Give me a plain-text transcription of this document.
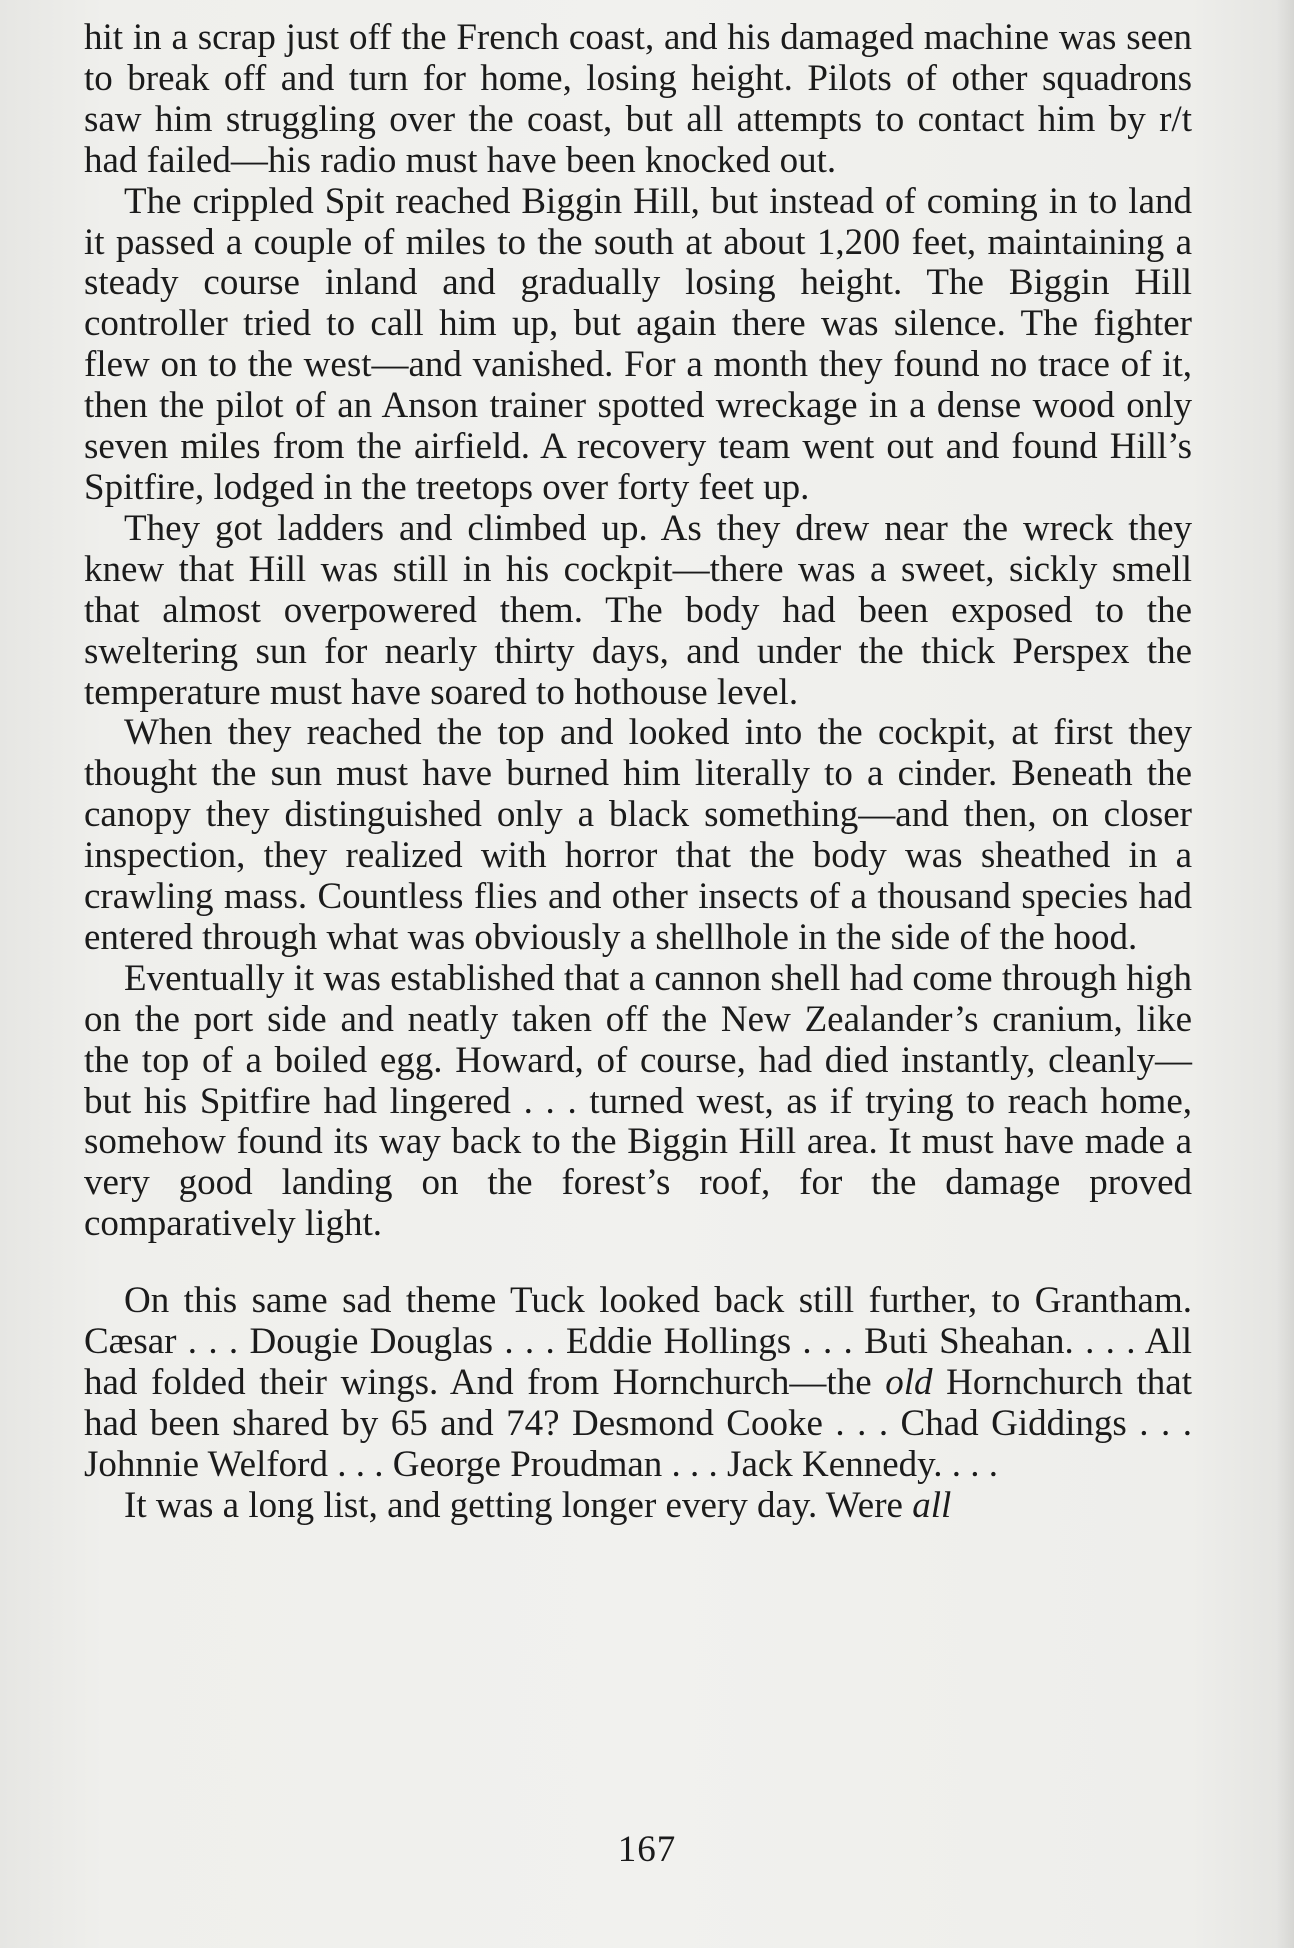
hit in a scrap just off the French coast, and his damaged machine was seen to break off and turn for home, losing height. Pilots of other squadrons saw him struggling over the coast, but all attempts to contact him by r/t had failed—his radio must have been knocked out.

The crippled Spit reached Biggin Hill, but instead of coming in to land it passed a couple of miles to the south at about 1,200 feet, maintaining a steady course inland and gradually losing height. The Biggin Hill controller tried to call him up, but again there was silence. The fighter flew on to the west—and vanished. For a month they found no trace of it, then the pilot of an Anson trainer spotted wreckage in a dense wood only seven miles from the airfield. A recovery team went out and found Hill’s Spitfire, lodged in the treetops over forty feet up.

They got ladders and climbed up. As they drew near the wreck they knew that Hill was still in his cockpit—there was a sweet, sickly smell that almost overpowered them. The body had been exposed to the sweltering sun for nearly thirty days, and under the thick Perspex the temperature must have soared to hothouse level.

When they reached the top and looked into the cockpit, at first they thought the sun must have burned him literally to a cinder. Beneath the canopy they distinguished only a black something—and then, on closer inspection, they realized with horror that the body was sheathed in a crawling mass. Countless flies and other insects of a thousand species had entered through what was obviously a shellhole in the side of the hood.

Eventually it was established that a cannon shell had come through high on the port side and neatly taken off the New Zealander’s cranium, like the top of a boiled egg. Howard, of course, had died instantly, cleanly—but his Spitfire had lingered . . . turned west, as if trying to reach home, somehow found its way back to the Biggin Hill area. It must have made a very good landing on the forest’s roof, for the damage proved comparatively light.

On this same sad theme Tuck looked back still further, to Grantham. Cæsar . . . Dougie Douglas . . . Eddie Hollings . . . Buti Sheahan. . . . All had folded their wings. And from Hornchurch—the old Hornchurch that had been shared by 65 and 74? Desmond Cooke . . . Chad Giddings . . . Johnnie Welford . . . George Proudman . . . Jack Kennedy. . . .

It was a long list, and getting longer every day. Were all

167
